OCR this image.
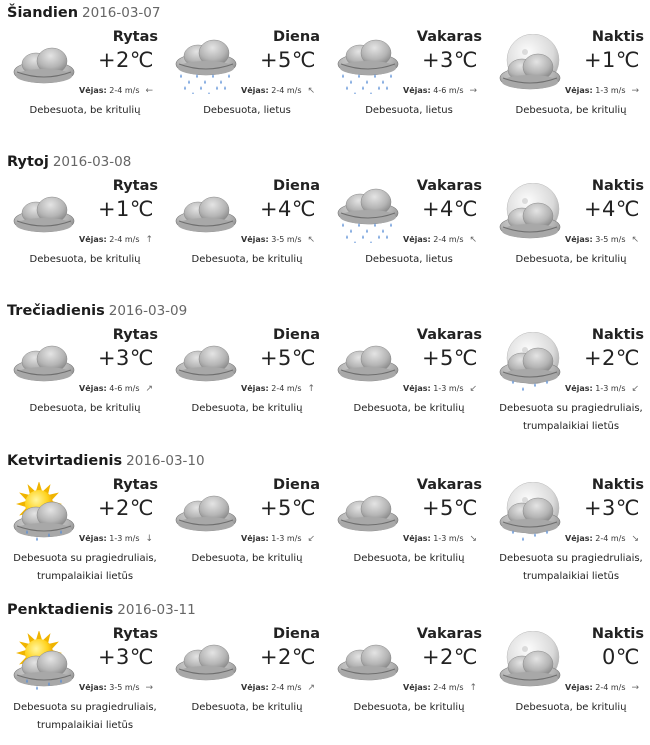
Šiandien 2016-03-07
Rytas
+2℃
Vėjas: 2-4 m/s ←
Debesuota, be kritulių
Diena
+5℃
Vėjas: 2-4 m/s ↖
Debesuota, lietus
Vakaras
+3℃
Vėjas: 4-6 m/s →
Debesuota, lietus
Naktis
+1℃
Vėjas: 1-3 m/s →
Debesuota, be kritulių
Rytoj 2016-03-08
Rytas
+1℃
Vėjas: 2-4 m/s ↑
Debesuota, be kritulių
Diena
+4℃
Vėjas: 3-5 m/s ↖
Debesuota, be kritulių
Vakaras
+4℃
Vėjas: 2-4 m/s ↖
Debesuota, lietus
Naktis
+4℃
Vėjas: 3-5 m/s ↖
Debesuota, be kritulių
Trečiadienis 2016-03-09
Rytas
+3℃
Vėjas: 4-6 m/s ↗
Debesuota, be kritulių
Diena
+5℃
Vėjas: 2-4 m/s ↑
Debesuota, be kritulių
Vakaras
+5℃
Vėjas: 1-3 m/s ↙
Debesuota, be kritulių
Naktis
+2℃
Vėjas: 1-3 m/s ↙
Debesuota su pragiedruliais, trumpalaikiai lietūs
Ketvirtadienis 2016-03-10
Rytas
+2℃
Vėjas: 1-3 m/s ↓
Debesuota su pragiedruliais, trumpalaikiai lietūs
Diena
+5℃
Vėjas: 1-3 m/s ↙
Debesuota, be kritulių
Vakaras
+5℃
Vėjas: 1-3 m/s ↘
Debesuota, be kritulių
Naktis
+3℃
Vėjas: 2-4 m/s ↘
Debesuota su pragiedruliais, trumpalaikiai lietūs
Penktadienis 2016-03-11
Rytas
+3℃
Vėjas: 3-5 m/s →
Debesuota su pragiedruliais, trumpalaikiai lietūs
Diena
+2℃
Vėjas: 2-4 m/s ↗
Debesuota, be kritulių
Vakaras
+2℃
Vėjas: 2-4 m/s ↑
Debesuota, be kritulių
Naktis
0℃
Vėjas: 2-4 m/s →
Debesuota, be kritulių
